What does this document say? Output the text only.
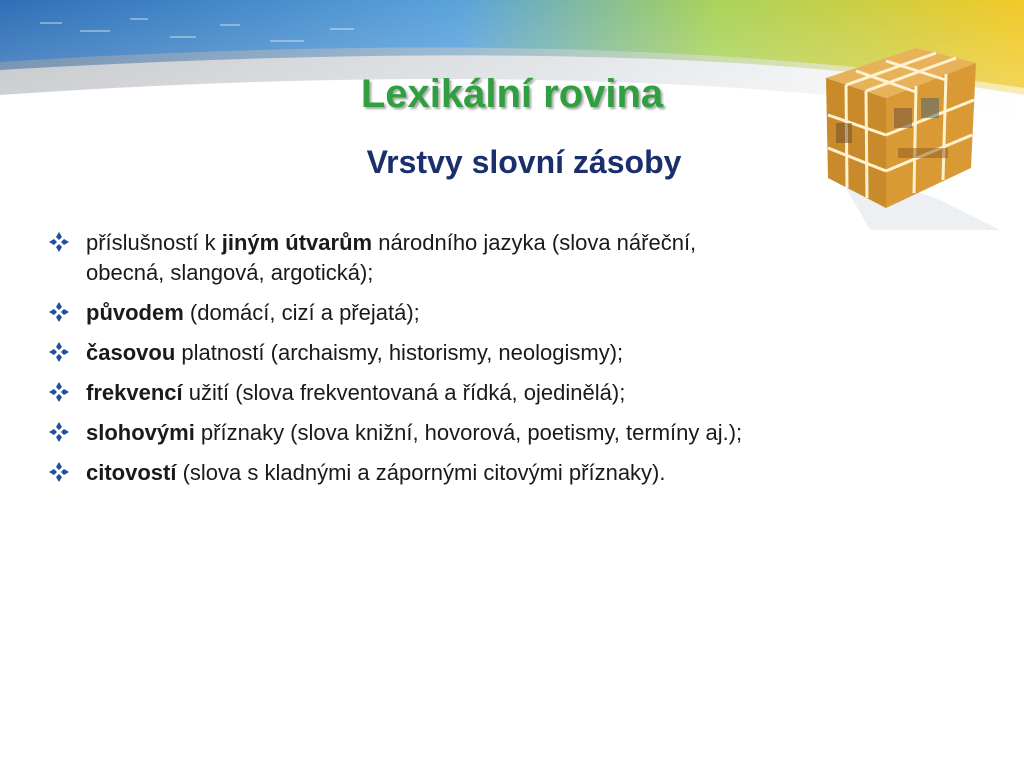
Lexikální rovina
Vrstvy slovní zásoby
příslušností k jiným útvarům národního jazyka (slova nářeční,
obecná, slangová, argotická);
původem (domácí, cizí a přejatá);
časovou platností (archaismy, historismy, neologismy);
frekvencí užití (slova frekventovaná a řídká, ojedinělá);
slohovými příznaky (slova knižní, hovorová, poetismy, termíny aj.);
citovostí (slova s kladnými a zápornými citovými příznaky).
